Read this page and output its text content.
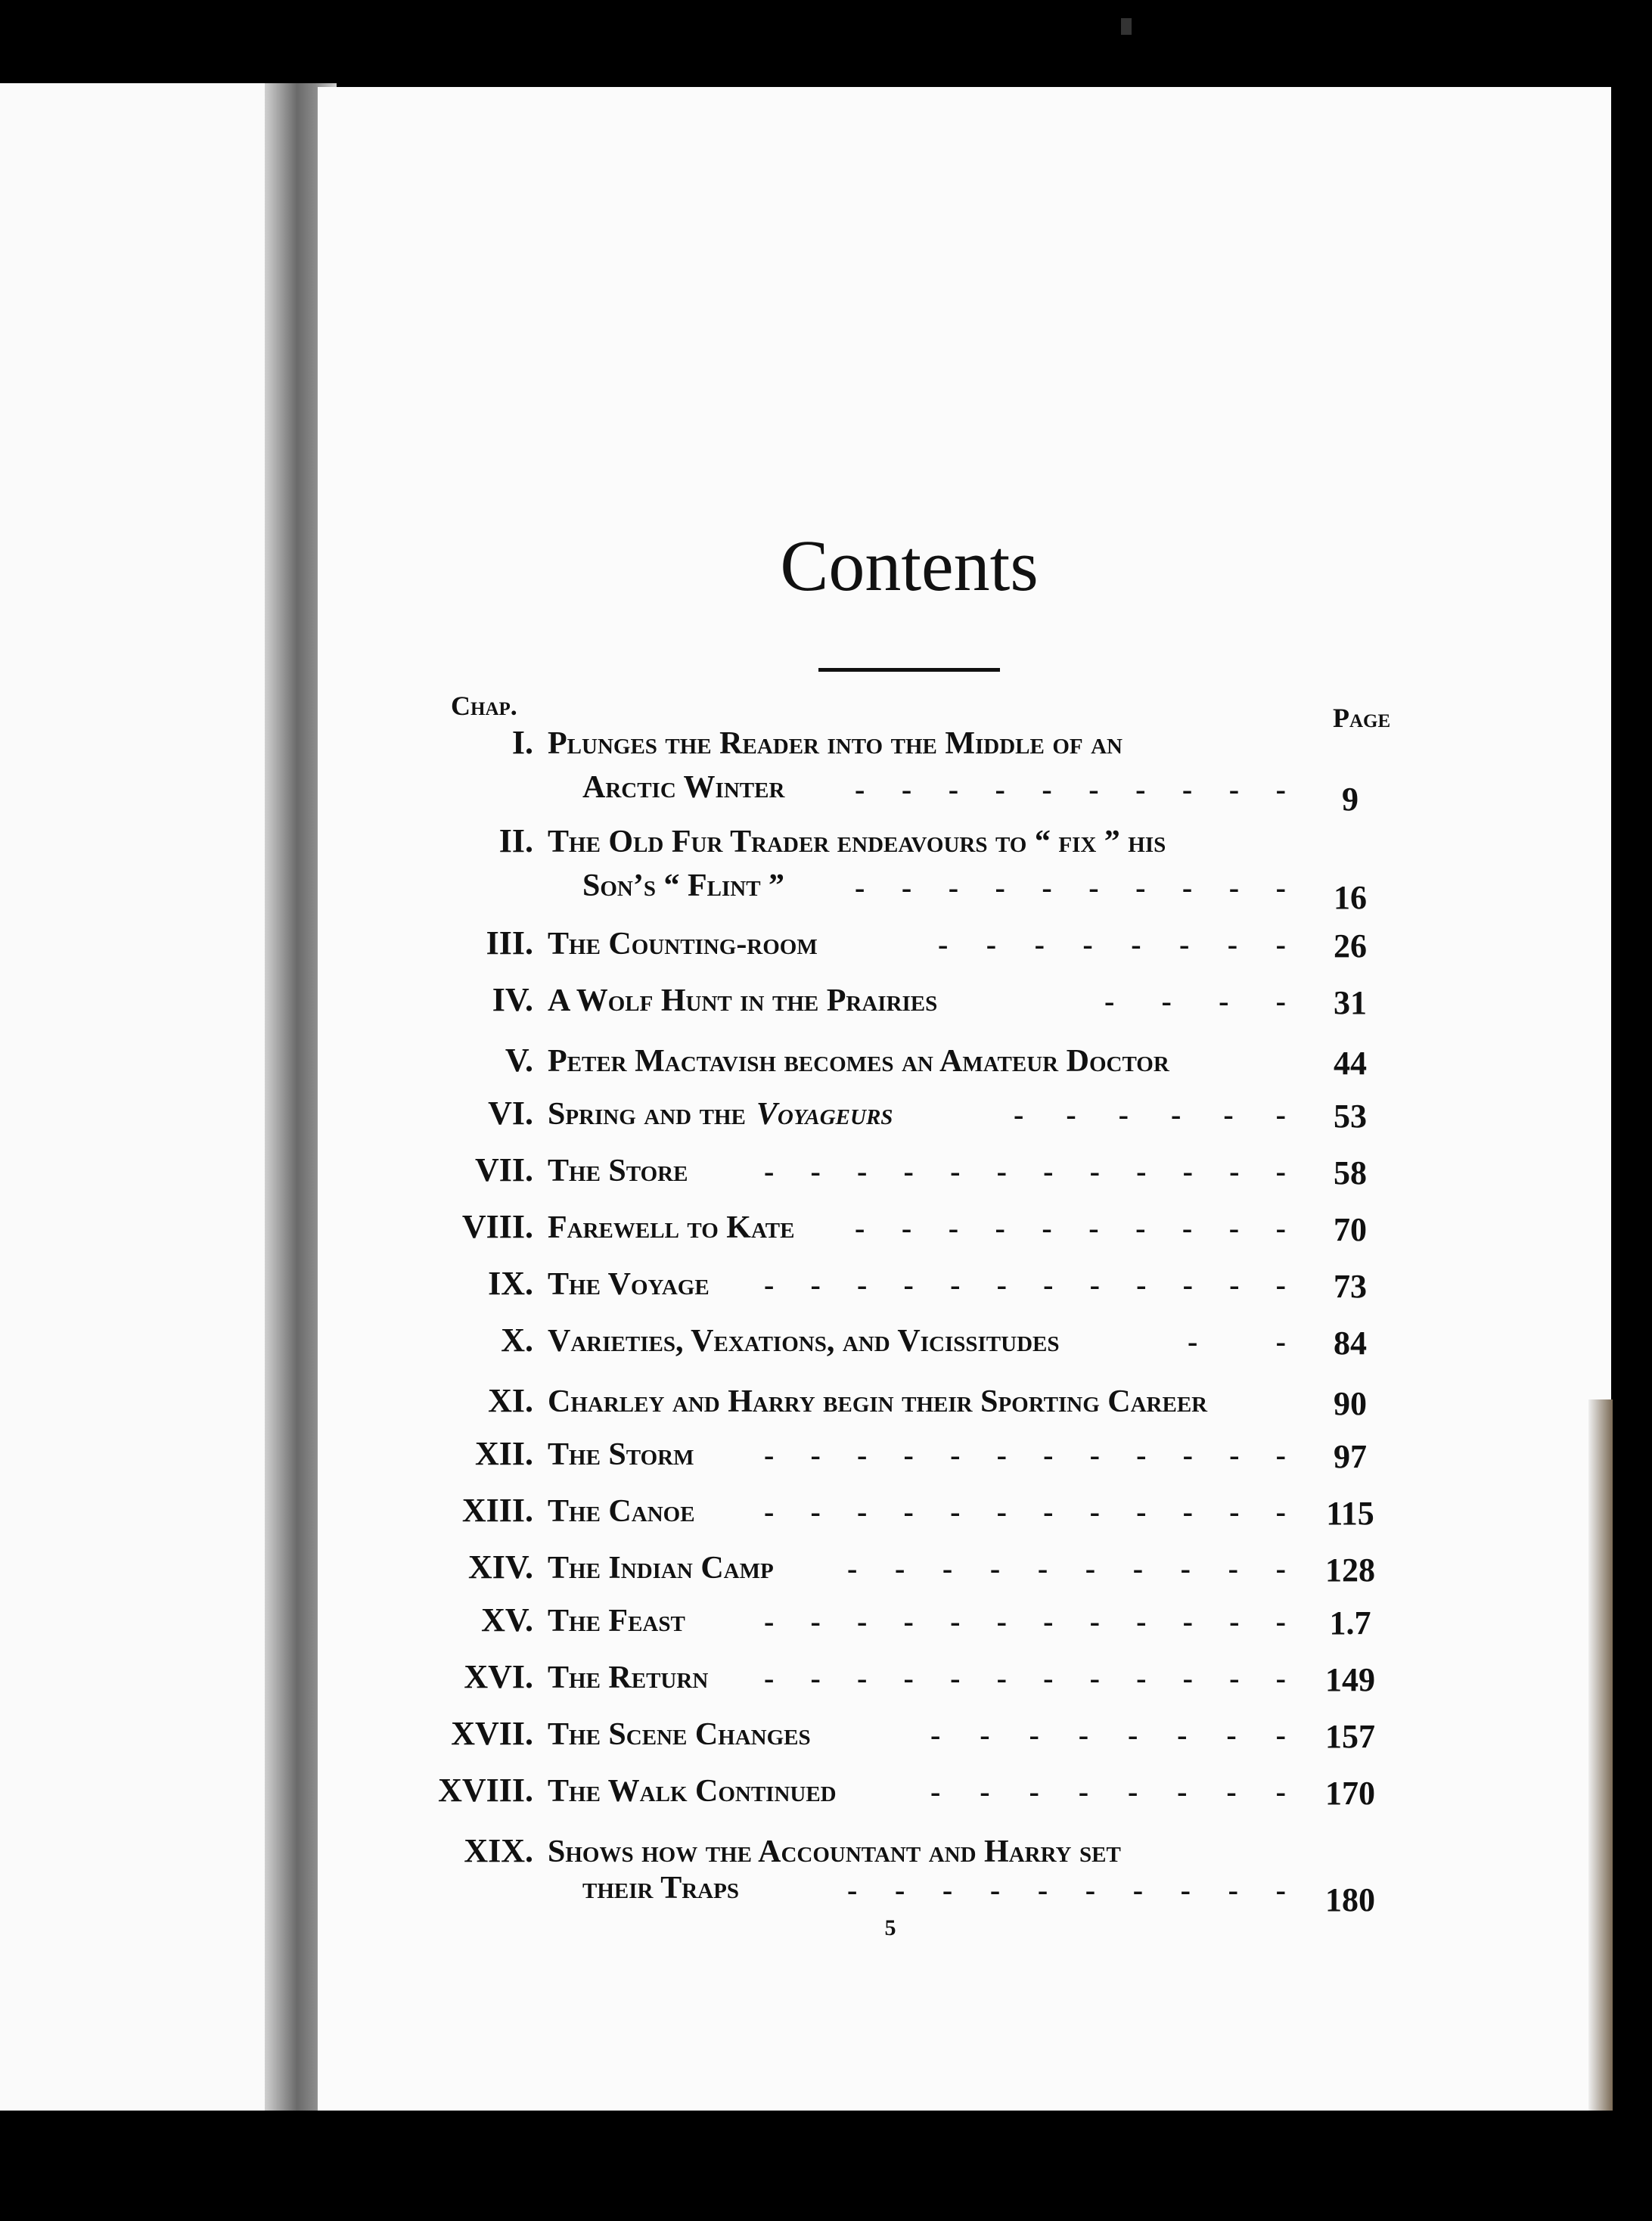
Contents
Chap.	Page
I. Plunges the Reader into the Middle of an
Arctic Winter - - - - - - - - - -	9
II. The Old Fur Trader endeavours to “ fix ” his
Son’s “ Flint ” - - - - - - - - - - 16
III. The Counting-room	- - - - - - - - 26
IV. A Wolf Hunt in the Prairies	- - - - 31
V. Peter Mactavish becomes an Amateur Doctor	44
VI. Spring and the Voyageurs	- - - - - - 53
VII. The Store	- - - - - - - - - - - - 58
VIII. Farewell to Kate - - - - - - - - - - 70
IX. The Voyage - - - - - - - - - - - - 73
X. Varieties, Vexations, and Vicissitudes	-	- 84
XI. Charley and Harry begin their Sporting Career	90
XII. The Storm - - - - - - - - - - - - 97
XIII. The Canoe - - - - - - - - - - - - 115
XIV. The Indian Camp - - - - - - - - - - 128
XV. The Feast	- - - - - - - - - - - - 1.7
XVI. The Return - - - - - - - - - - - - 149
XVII. The Scene Changes	- - - - - - - - 157
XVIII. The Walk Continued	- - - - - - - - 170
XIX. Shows how the Accountant and Harry set
their Traps	- - - - - - - - - - 180
5
